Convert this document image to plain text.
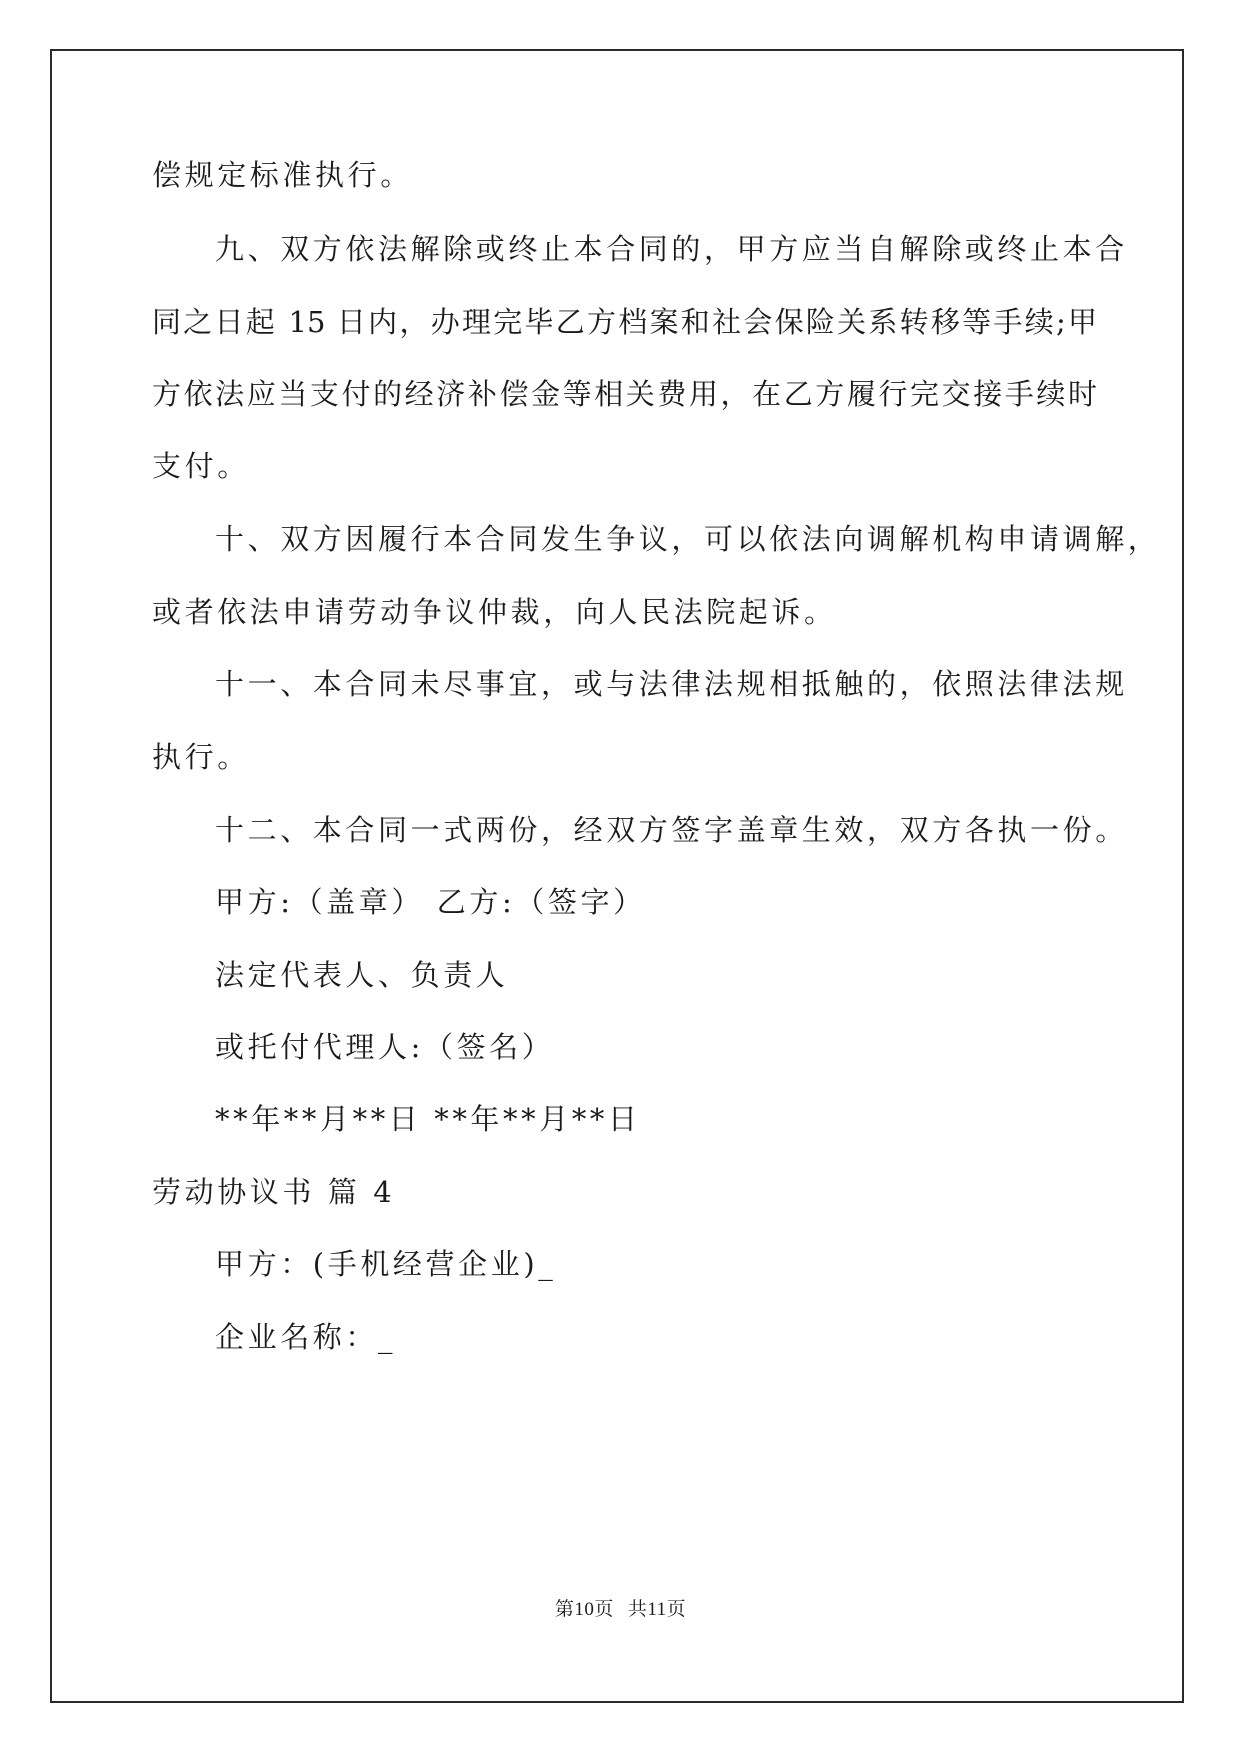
偿规定标准执行。
九、双方依法解除或终止本合同的，甲方应当自解除或终止本合
同之日起 15 日内，办理完毕乙方档案和社会保险关系转移等手续;甲
方依法应当支付的经济补偿金等相关费用，在乙方履行完交接手续时
支付。
十、双方因履行本合同发生争议，可以依法向调解机构申请调解，
或者依法申请劳动争议仲裁，向人民法院起诉。
十一、本合同未尽事宜，或与法律法规相抵触的，依照法律法规
执行。
十二、本合同一式两份，经双方签字盖章生效，双方各执一份。
甲方:（盖章） 乙方:（签字）
法定代表人、负责人
或托付代理人:（签名）
**年**月**日 **年**月**日
劳动协议书 篇 4
甲方：(手机经营企业)_
企业名称：_
第10页 共11页
